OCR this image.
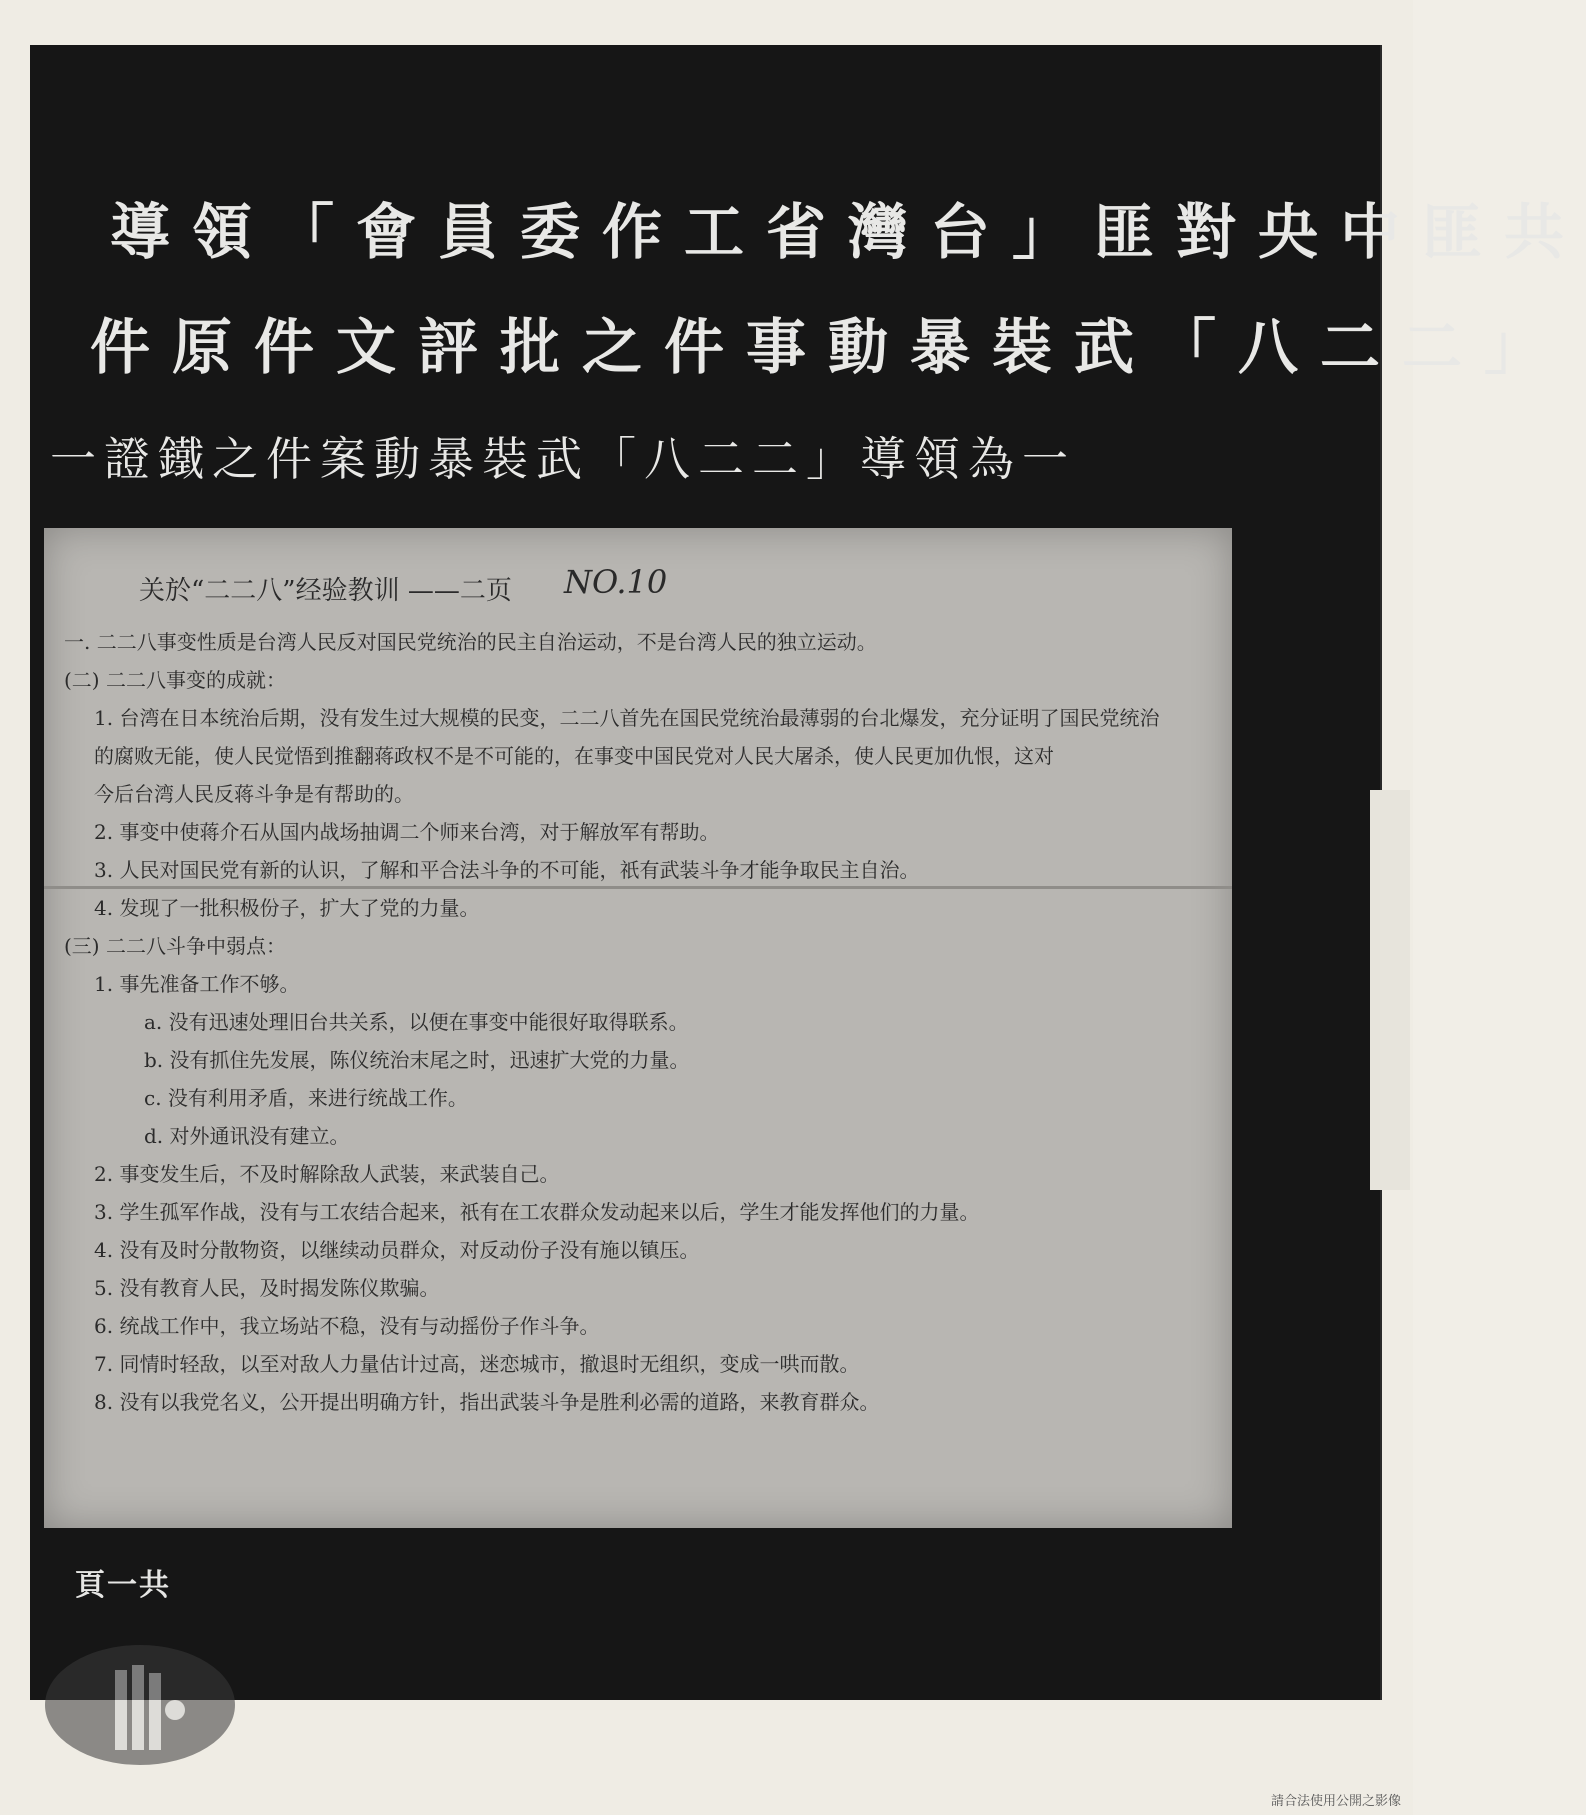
導領「會員委作工省灣台」匪對央中匪共
件原件文評批之件事動暴裝武「八二二」
一證鐵之件案動暴裝武「八二二」導領為一
关於“二二八”经验教训 ——二页 NO.10
一. 二二八事变性质是台湾人民反对国民党统治的民主自治运动，不是台湾人民的独立运动。
(二) 二二八事变的成就：
1. 台湾在日本统治后期，没有发生过大规模的民变，二二八首先在国民党统治最薄弱的台北爆发，充分证明了国民党统治
的腐败无能，使人民觉悟到推翻蒋政权不是不可能的，在事变中国民党对人民大屠杀，使人民更加仇恨，这对
今后台湾人民反蒋斗争是有帮助的。
2. 事变中使蒋介石从国内战场抽调二个师来台湾，对于解放军有帮助。
3. 人民对国民党有新的认识，了解和平合法斗争的不可能，祇有武装斗争才能争取民主自治。
4. 发现了一批积极份子，扩大了党的力量。
(三) 二二八斗争中弱点：
1. 事先准备工作不够。
a. 没有迅速处理旧台共关系，以便在事变中能很好取得联系。
b. 没有抓住先发展，陈仪统治末尾之时，迅速扩大党的力量。
c. 没有利用矛盾，来进行统战工作。
d. 对外通讯没有建立。
2. 事变发生后，不及时解除敌人武装，来武装自己。
3. 学生孤军作战，没有与工农结合起来，祇有在工农群众发动起来以后，学生才能发挥他们的力量。
4. 没有及时分散物资，以继续动员群众，对反动份子没有施以镇压。
5. 没有教育人民，及时揭发陈仪欺骗。
6. 统战工作中，我立场站不稳，没有与动摇份子作斗争。
7. 同情时轻敌，以至对敌人力量估计过高，迷恋城市，撤退时无组织，变成一哄而散。
8. 没有以我党名义，公开提出明确方针，指出武装斗争是胜利必需的道路，来教育群众。
頁一共
請合法使用公開之影像
